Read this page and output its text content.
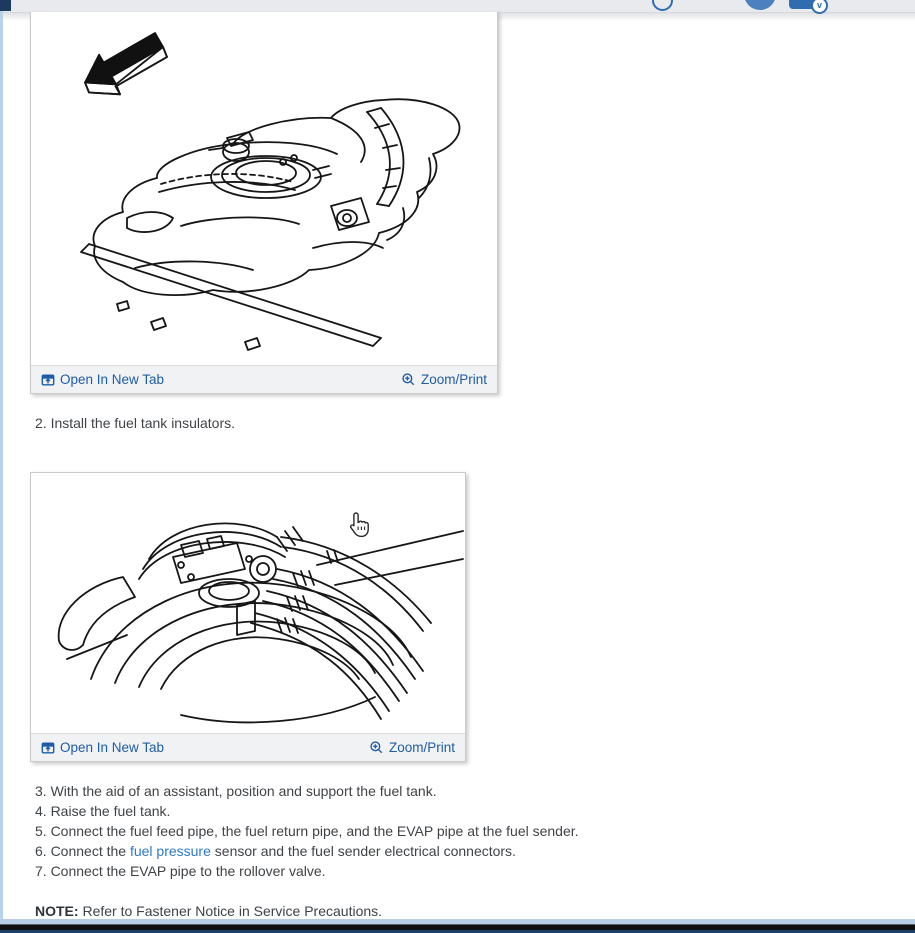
v
Open In New Tab	Zoom/Print
2. Install the fuel tank insulators.
Open In New Tab	Zoom/Print
3. With the aid of an assistant, position and support the fuel tank.
4. Raise the fuel tank.
5. Connect the fuel feed pipe, the fuel return pipe, and the EVAP pipe at the fuel sender.
6. Connect the fuel pressure sensor and the fuel sender electrical connectors.
7. Connect the EVAP pipe to the rollover valve.
NOTE: Refer to Fastener Notice in Service Precautions.
